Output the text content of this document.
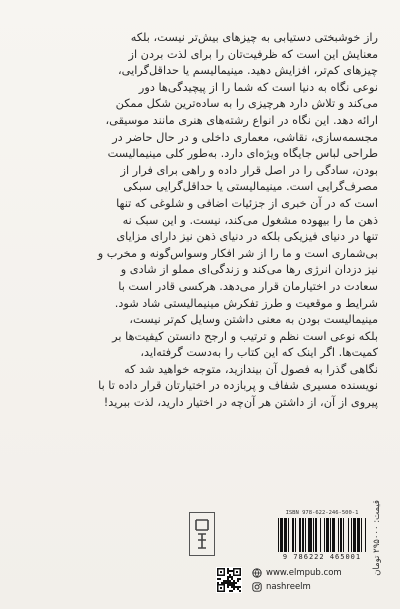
راز خوشبختی دستیابی به چیزهای بیش‌تر نیست، بلکه
معنایش این است که ظرفیت‌تان را برای لذت بردن از
چیزهای کم‌تر، افزایش دهید. مینیمالیسم یا حداقل‌گرایی،
نوعی نگاه به دنیا است که شما را از پیچیدگی‌ها دور
می‌کند و تلاش دارد هرچیزی را به ساده‌ترین شکل ممکن
ارائه دهد. این نگاه در انواع رشته‌های هنری مانند موسیقی،
مجسمه‌سازی، نقاشی، معماری داخلی و در حال حاضر در
طراحی لباس جایگاه ویژه‌ای دارد. به‌طور کلی مینیمالیست
بودن، سادگی را در اصل قرار داده و راهی برای فرار از
مصرف‌گرایی است. مینیمالیستی یا حداقل‌گرایی سبکی
است که در آن خبری از جزئیات اضافی و شلوغی که تنها
ذهن ما را بیهوده مشغول می‌کند، نیست. و این سبک نه
تنها در دنیای فیزیکی بلکه در دنیای ذهن نیز دارای مزایای
بی‌شماری است و ما را از شر افکار وسواس‌گونه و مخرب و
نیز دزدان انرژی رها می‌کند و زندگی‌ای مملو از شادی و
سعادت در اختیارمان قرار می‌دهد. هرکسی قادر است با
شرایط و موقعیت و طرز تفکرش مینیمالیستی شاد شود.
مینیمالیست بودن به معنی داشتن وسایل کم‌تر نیست،
بلکه نوعی است نظم و ترتیب و ارجح دانستن کیفیت‌ها بر
کمیت‌ها. اگر اینک که این کتاب را به‌دست گرفته‌اید،
نگاهی گذرا به فصول آن بیندازید، متوجه خواهید شد که
نویسنده مسیری شفاف و پربازده در اختیارتان قرار داده تا با
پیروی از آن، از داشتن هر آن‌چه در اختیار دارید، لذت ببرید!
قیمت: ۲۹۵۰۰۰ تومان
ISBN 978-622-246-500-1
9 786222 465001
www.elmpub.com
nashreelm
